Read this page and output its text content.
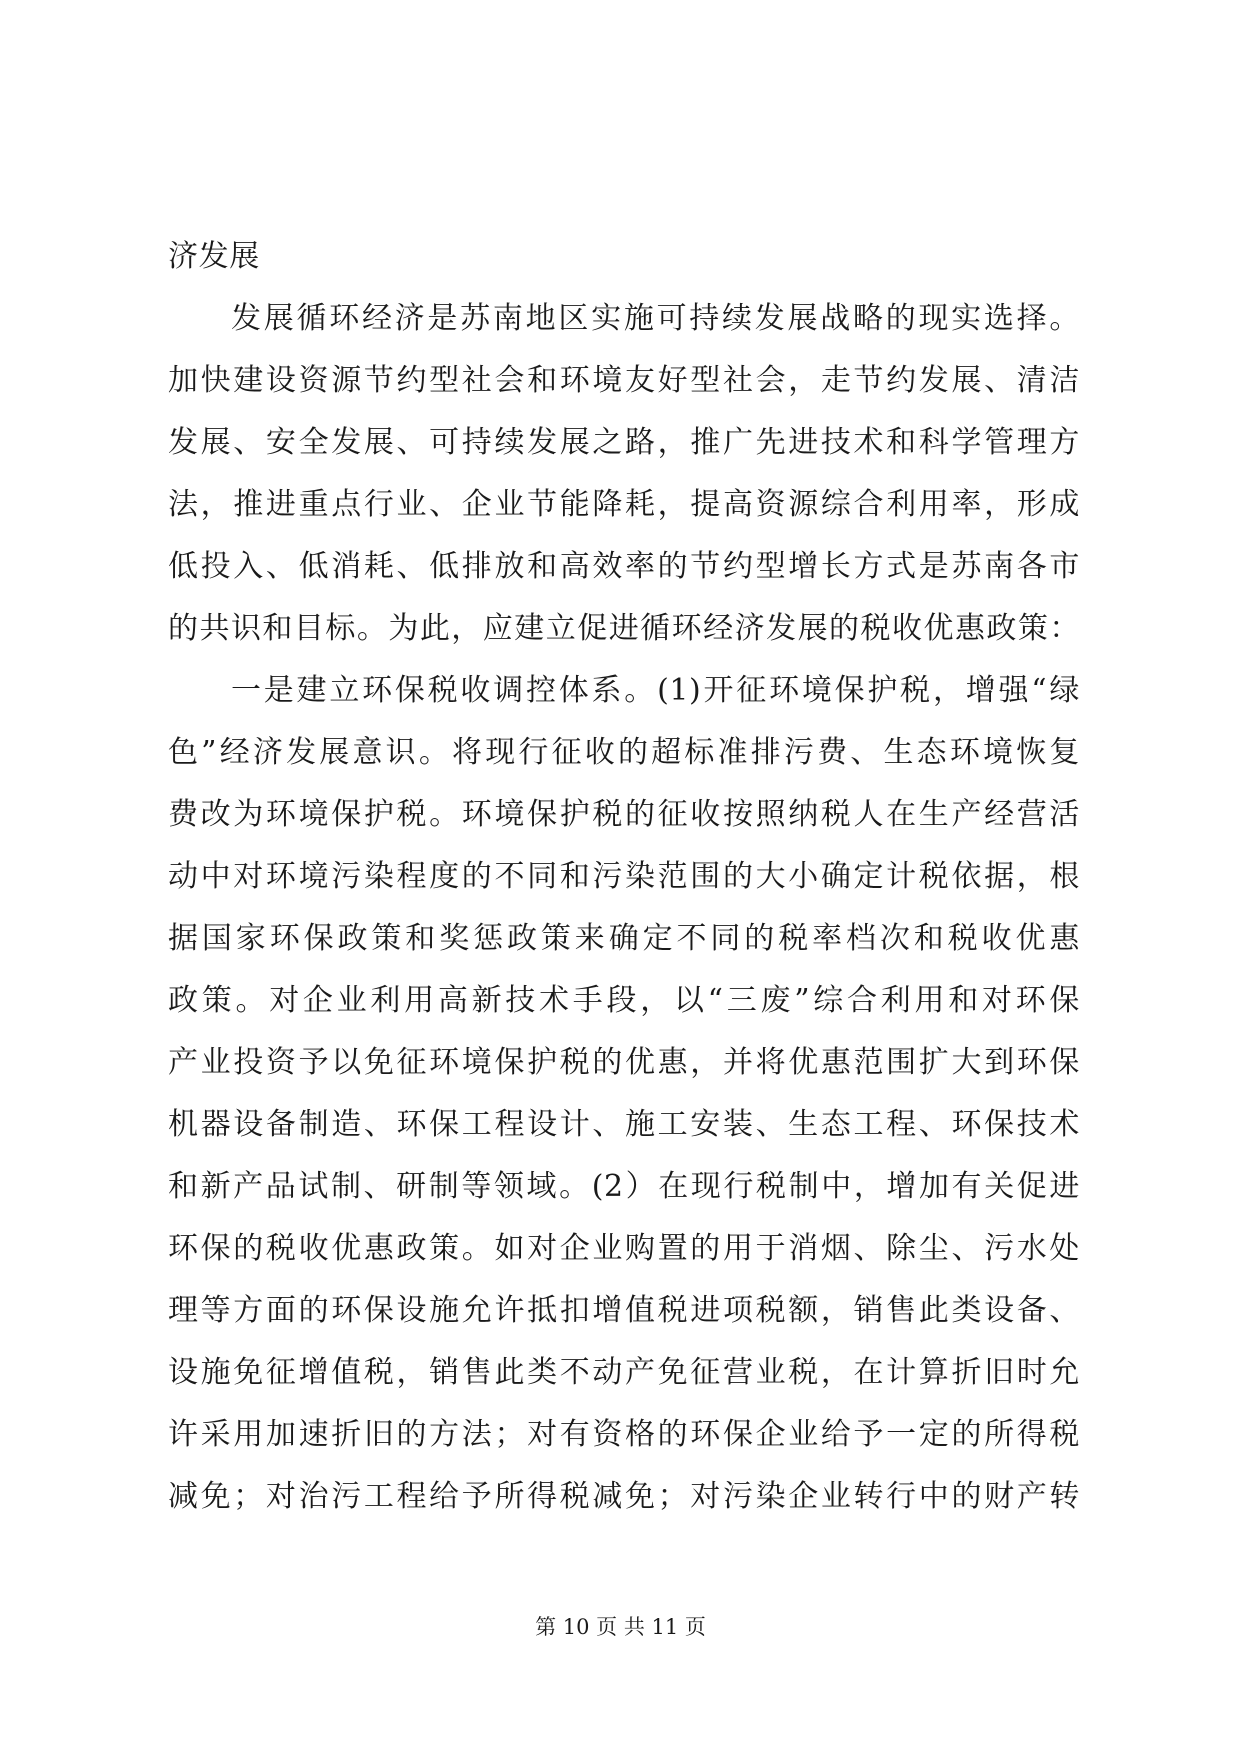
济发展
发展循环经济是苏南地区实施可持续发展战略的现实选择。
加快建设资源节约型社会和环境友好型社会，走节约发展、清洁
发展、安全发展、可持续发展之路，推广先进技术和科学管理方
法，推进重点行业、企业节能降耗，提高资源综合利用率，形成
低投入、低消耗、低排放和高效率的节约型增长方式是苏南各市
的共识和目标。为此，应建立促进循环经济发展的税收优惠政策：
一是建立环保税收调控体系。(1)开征环境保护税，增强“绿
色”经济发展意识。将现行征收的超标准排污费、生态环境恢复
费改为环境保护税。环境保护税的征收按照纳税人在生产经营活
动中对环境污染程度的不同和污染范围的大小确定计税依据，根
据国家环保政策和奖惩政策来确定不同的税率档次和税收优惠
政策。对企业利用高新技术手段，以“三废”综合利用和对环保
产业投资予以免征环境保护税的优惠，并将优惠范围扩大到环保
机器设备制造、环保工程设计、施工安装、生态工程、环保技术
和新产品试制、研制等领域。(2）在现行税制中，增加有关促进
环保的税收优惠政策。如对企业购置的用于消烟、除尘、污水处
理等方面的环保设施允许抵扣增值税进项税额，销售此类设备、
设施免征增值税，销售此类不动产免征营业税，在计算折旧时允
许采用加速折旧的方法；对有资格的环保企业给予一定的所得税
减免；对治污工程给予所得税减免；对污染企业转行中的财产转
第 10 页 共 11 页
